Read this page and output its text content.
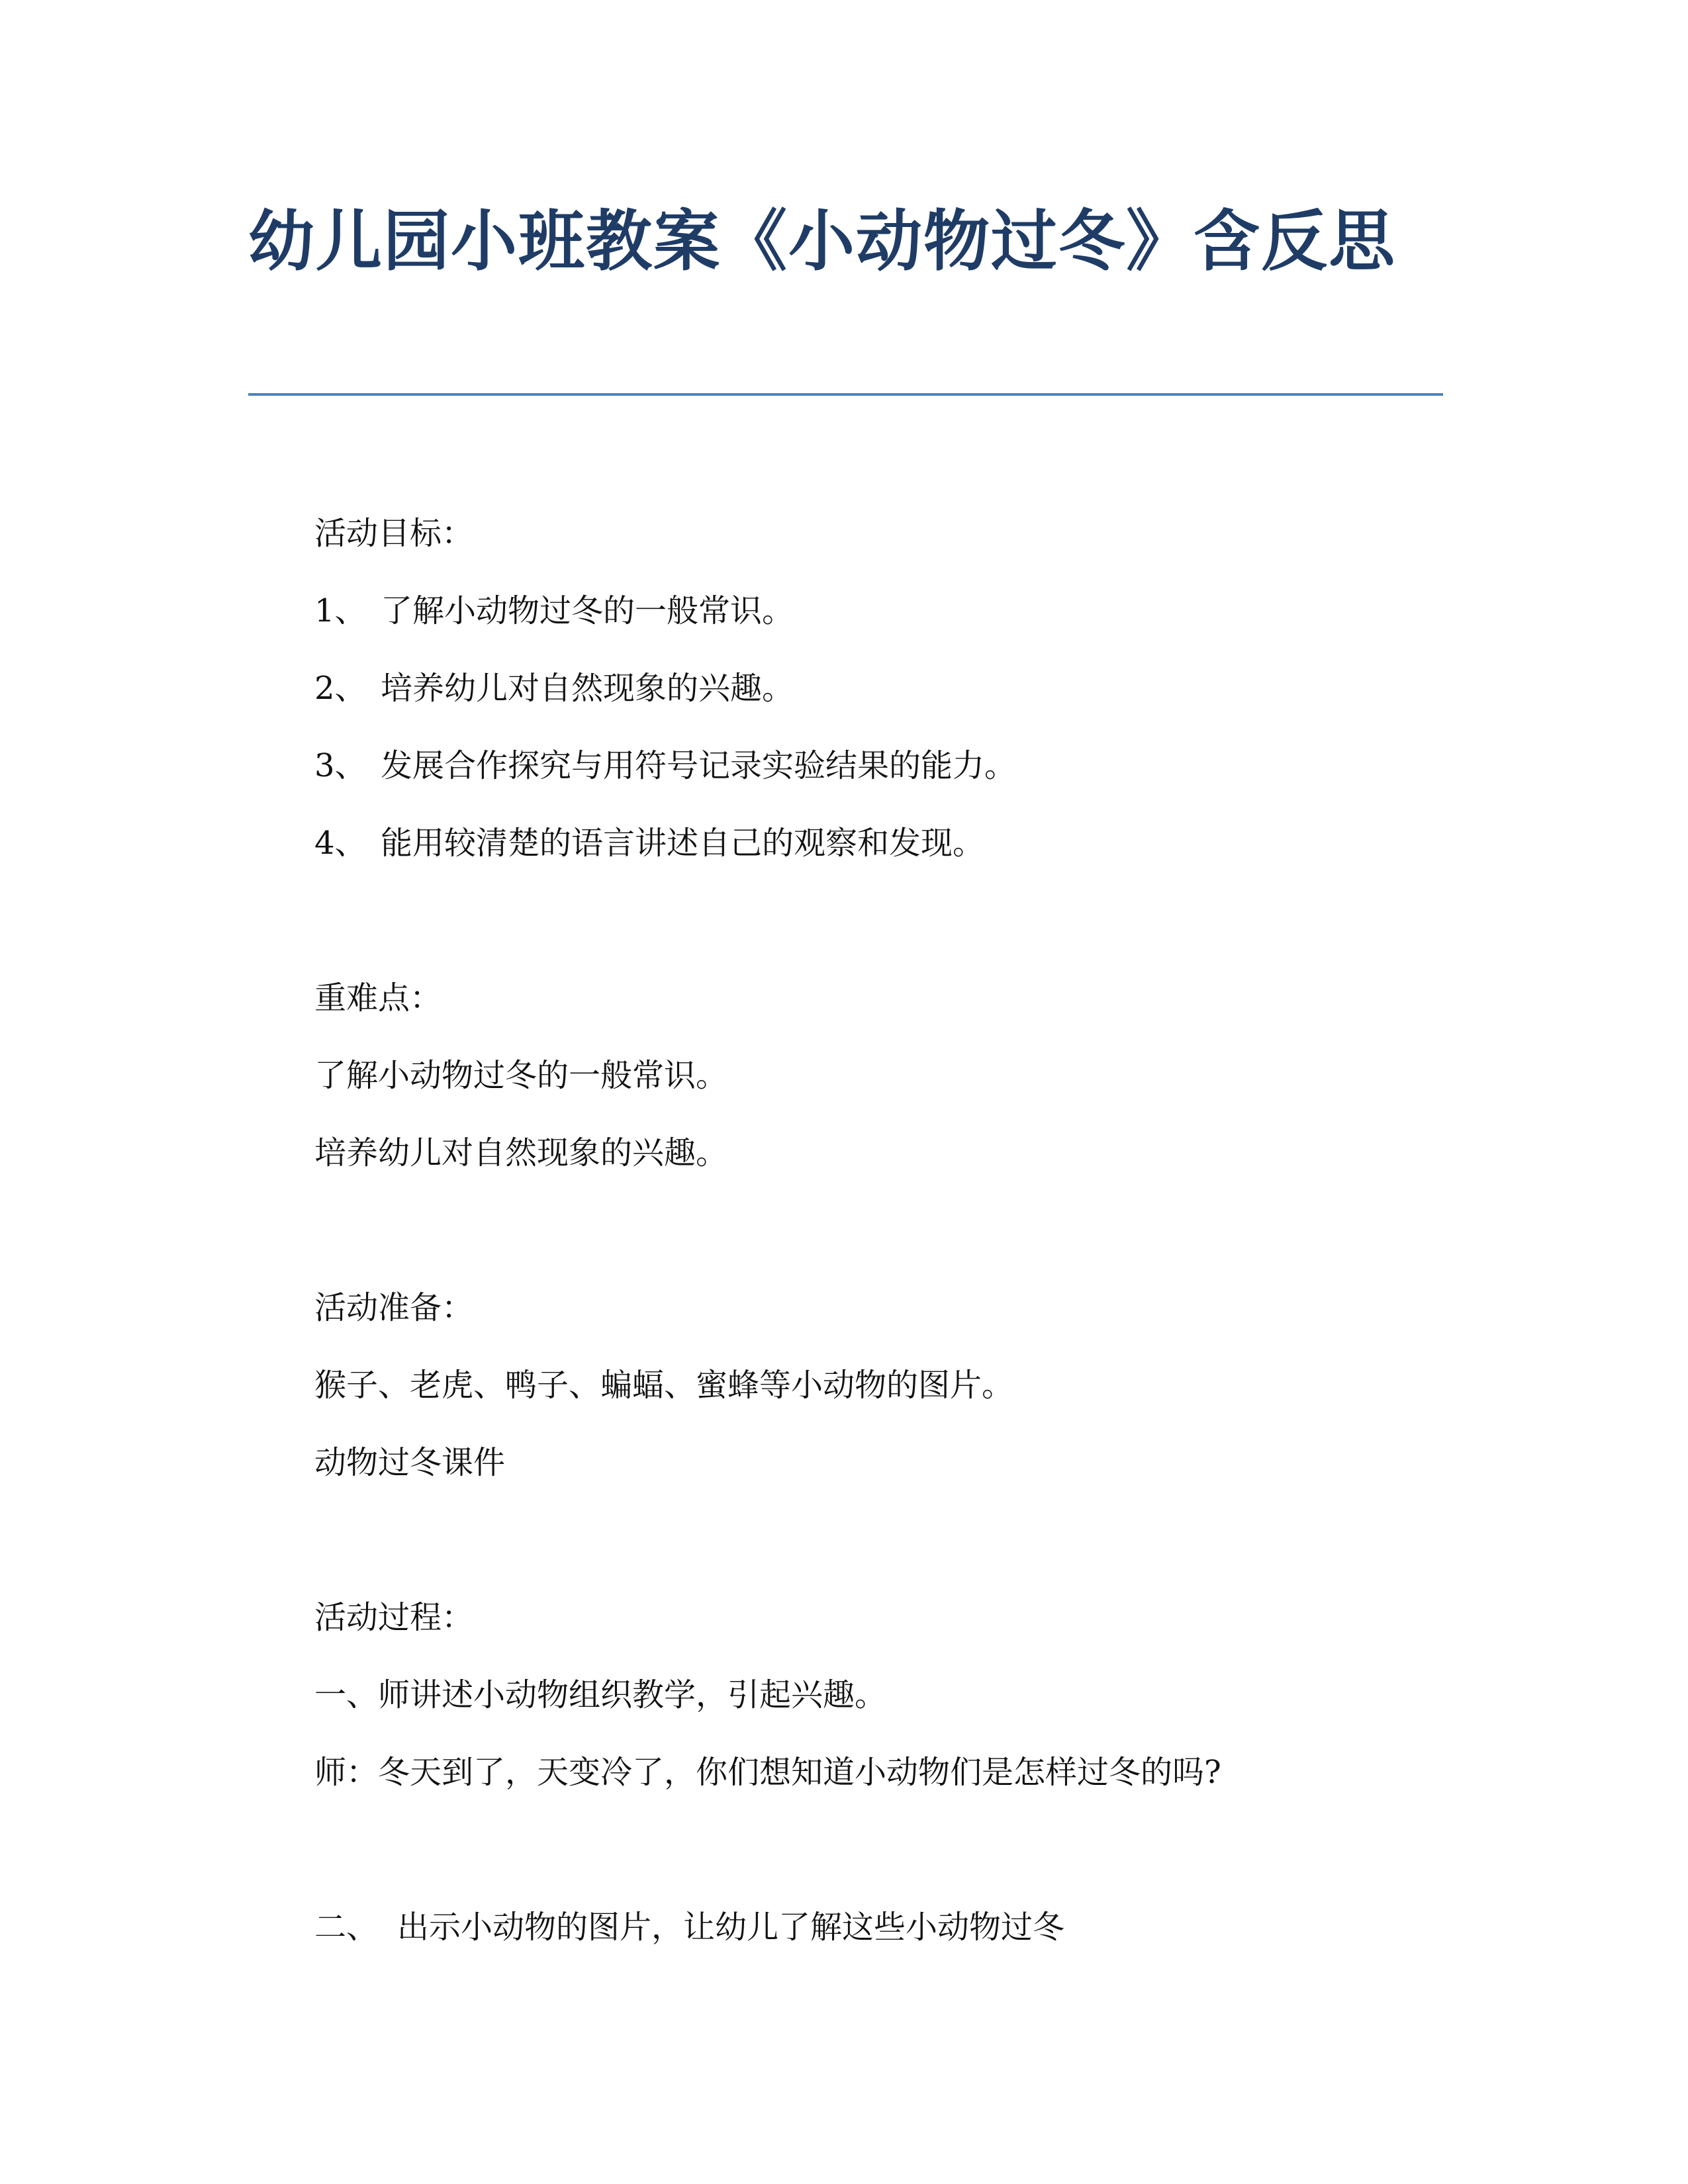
幼儿园小班教案《小动物过冬》含反思
活动目标：
1、 了解小动物过冬的一般常识。
2、 培养幼儿对自然现象的兴趣。
3、 发展合作探究与用符号记录实验结果的能力。
4、 能用较清楚的语言讲述自己的观察和发现。
重难点：
了解小动物过冬的一般常识。
培养幼儿对自然现象的兴趣。
活动准备：
猴子、老虎、鸭子、蝙蝠、蜜蜂等小动物的图片。
动物过冬课件
活动过程：
一、师讲述小动物组织教学，引起兴趣。
师：冬天到了，天变冷了，你们想知道小动物们是怎样过冬的吗?
二、 出示小动物的图片，让幼儿了解这些小动物过冬
